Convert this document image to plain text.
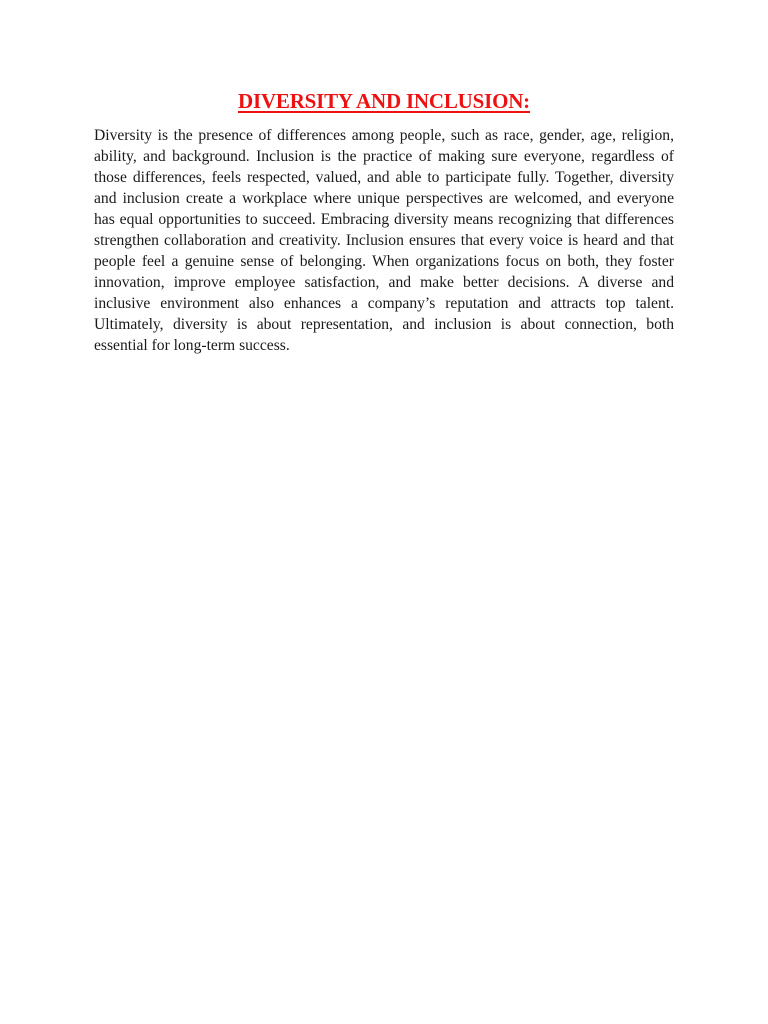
DIVERSITY AND INCLUSION:

Diversity is the presence of differences among people, such as race, gender, age, religion, ability, and background. Inclusion is the practice of making sure everyone, regardless of those differences, feels respected, valued, and able to participate fully. Together, diversity and inclusion create a workplace where unique perspectives are welcomed, and everyone has equal opportunities to succeed. Embracing diversity means recognizing that differences strengthen collaboration and creativity. Inclusion ensures that every voice is heard and that people feel a genuine sense of belonging. When organizations focus on both, they foster innovation, improve employee satisfaction, and make better decisions. A diverse and inclusive environment also enhances a company’s reputation and attracts top talent. Ultimately, diversity is about representation, and inclusion is about connection, both essential for long-term success.
